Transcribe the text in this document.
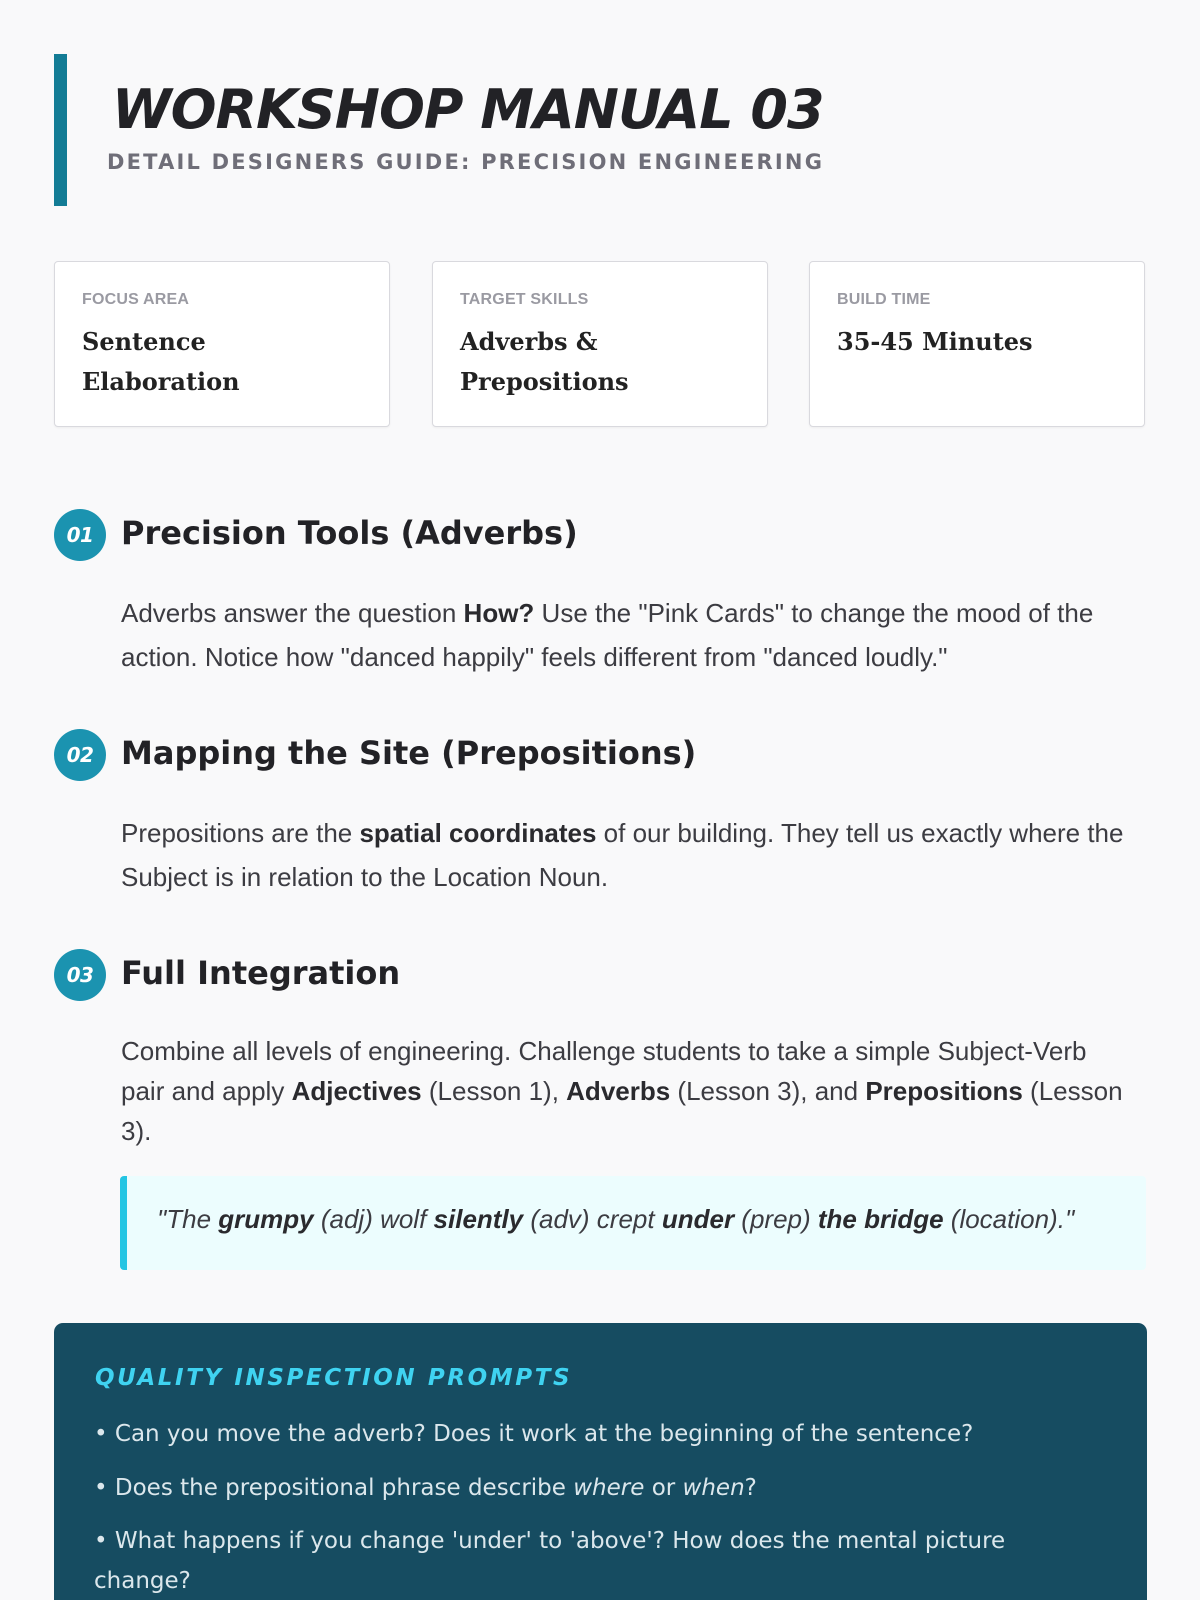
WORKSHOP MANUAL 03
DETAIL DESIGNERS GUIDE: PRECISION ENGINEERING
FOCUS AREA
Sentence Elaboration
TARGET SKILLS
Adverbs & Prepositions
BUILD TIME
35-45 Minutes
01 Precision Tools (Adverbs)

Adverbs answer the question How? Use the "Pink Cards" to change the mood of the action. Notice how "danced happily" feels different from "danced loudly."

02 Mapping the Site (Prepositions)

Prepositions are the spatial coordinates of our building. They tell us exactly where the Subject is in relation to the Location Noun.

03 Full Integration

Combine all levels of engineering. Challenge students to take a simple Subject-Verb pair and apply Adjectives (Lesson 1), Adverbs (Lesson 3), and Prepositions (Lesson 3).

"The grumpy (adj) wolf silently (adv) crept under (prep) the bridge (location)."

QUALITY INSPECTION PROMPTS

• Can you move the adverb? Does it work at the beginning of the sentence?

• Does the prepositional phrase describe where or when?

• What happens if you change 'under' to 'above'? How does the mental picture change?
